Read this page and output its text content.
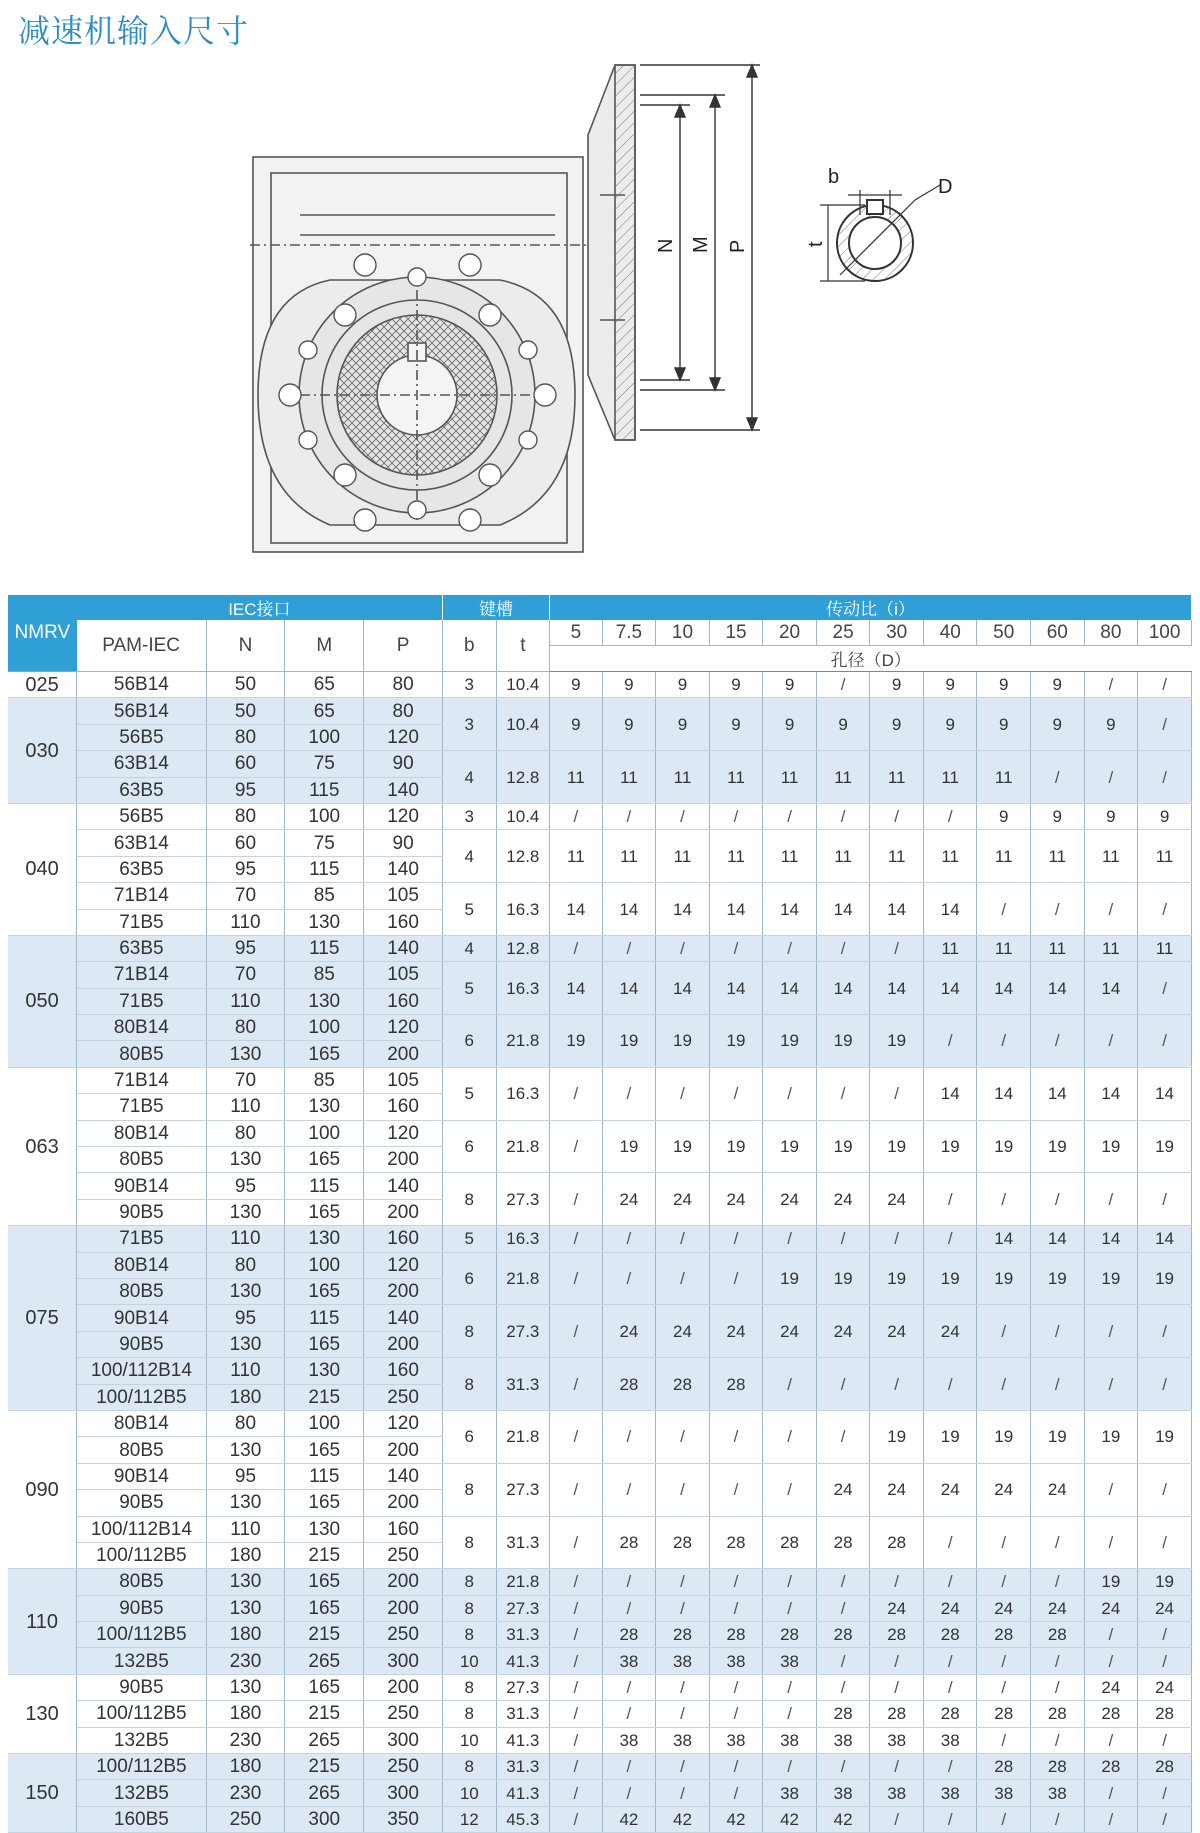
减速机输入尺寸
N M P
b
t
D
NMRV	IEC接口				键槽		传动比（i）											
	PAM-IEC	N	M	P	b	t	5	7.5	10	15	20	25	30	40	50	60	80	100
							孔径（D）											
025	56B14	50	65	80	3	10.4	9	9	9	9	9	/	9	9	9	9	/	/
030	56B14	50	65	80	3	10.4	9	9	9	9	9	9	9	9	9	9	9	/
	56B5	80	100	120														
	63B14	60	75	90	4	12.8	11	11	11	11	11	11	11	11	11	/	/	/
	63B5	95	115	140														
040	56B5	80	100	120	3	10.4	/	/	/	/	/	/	/	/	9	9	9	9
	63B14	60	75	90	4	12.8	11	11	11	11	11	11	11	11	11	11	11	11
	63B5	95	115	140														
	71B14	70	85	105	5	16.3	14	14	14	14	14	14	14	14	/	/	/	/
	71B5	110	130	160														
050	63B5	95	115	140	4	12.8	/	/	/	/	/	/	/	11	11	11	11	11
	71B14	70	85	105	5	16.3	14	14	14	14	14	14	14	14	14	14	14	/
	71B5	110	130	160														
	80B14	80	100	120	6	21.8	19	19	19	19	19	19	19	/	/	/	/	/
	80B5	130	165	200														
063	71B14	70	85	105	5	16.3	/	/	/	/	/	/	/	14	14	14	14	14
	71B5	110	130	160														
	80B14	80	100	120	6	21.8	/	19	19	19	19	19	19	19	19	19	19	19
	80B5	130	165	200														
	90B14	95	115	140	8	27.3	/	24	24	24	24	24	24	/	/	/	/	/
	90B5	130	165	200														
075	71B5	110	130	160	5	16.3	/	/	/	/	/	/	/	/	14	14	14	14
	80B14	80	100	120	6	21.8	/	/	/	/	19	19	19	19	19	19	19	19
	80B5	130	165	200														
	90B14	95	115	140	8	27.3	/	24	24	24	24	24	24	24	/	/	/	/
	90B5	130	165	200														
	100/112B14	110	130	160	8	31.3	/	28	28	28	/	/	/	/	/	/	/	/
	100/112B5	180	215	250														
090	80B14	80	100	120	6	21.8	/	/	/	/	/	/	19	19	19	19	19	19
	80B5	130	165	200														
	90B14	95	115	140	8	27.3	/	/	/	/	/	24	24	24	24	24	/	/
	90B5	130	165	200														
	100/112B14	110	130	160	8	31.3	/	28	28	28	28	28	28	/	/	/	/	/
	100/112B5	180	215	250														
110	80B5	130	165	200	8	21.8	/	/	/	/	/	/	/	/	/	/	19	19
	90B5	130	165	200	8	27.3	/	/	/	/	/	/	24	24	24	24	24	24
	100/112B5	180	215	250	8	31.3	/	28	28	28	28	28	28	28	28	28	/	/
	132B5	230	265	300	10	41.3	/	38	38	38	38	/	/	/	/	/	/	/
130	90B5	130	165	200	8	27.3	/	/	/	/	/	/	/	/	/	/	24	24
	100/112B5	180	215	250	8	31.3	/	/	/	/	/	28	28	28	28	28	28	28
	132B5	230	265	300	10	41.3	/	38	38	38	38	38	38	38	/	/	/	/
150	100/112B5	180	215	250	8	31.3	/	/	/	/	/	/	/	/	28	28	28	28
	132B5	230	265	300	10	41.3	/	/	/	/	38	38	38	38	38	38	/	/
	160B5	250	300	350	12	45.3	/	42	42	42	42	42	/	/	/	/	/	/
